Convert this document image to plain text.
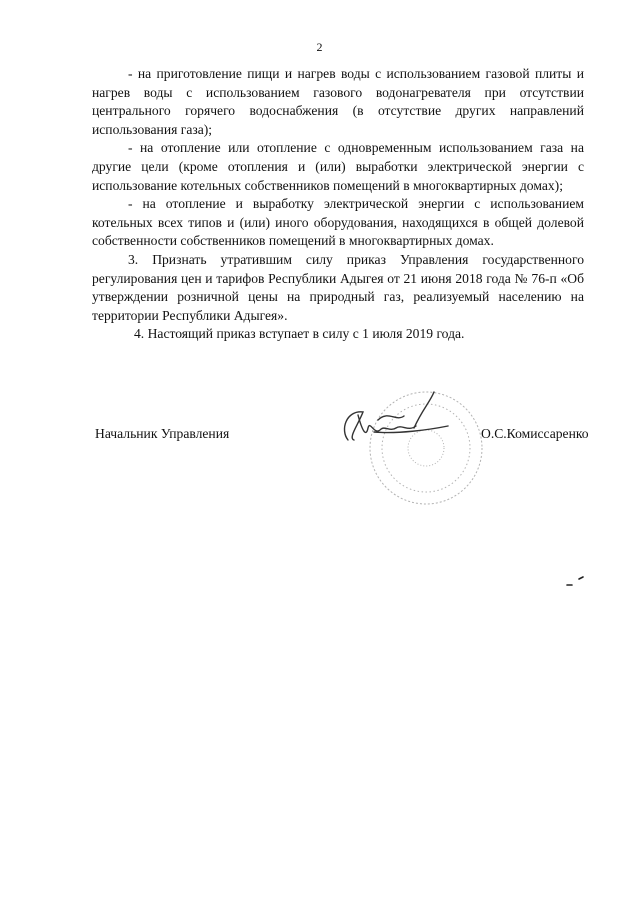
2

- на приготовление пищи и нагрев воды с использованием газовой плиты и нагрев воды с использованием газового водонагревателя при отсутствии центрального горячего водоснабжения (в отсутствие других направлений использования газа);

- на отопление или отопление с одновременным использованием газа на другие цели (кроме отопления и (или) выработки электрической энергии с использование котельных собственников помещений в многоквартирных домах);

- на отопление и выработку электрической энергии с использованием котельных всех типов и (или) иного оборудования, находящихся в общей долевой собственности собственников помещений в многоквартирных домах.

3. Признать утратившим силу приказ Управления государственного регулирования цен и тарифов Республики Адыгея от 21 июня 2018 года № 76-п «Об утверждении розничной цены на природный газ, реализуемый населению на территории Республики Адыгея».

4. Настоящий приказ вступает в силу с 1 июля 2019 года.

Начальник Управления	О.С.Комиссаренко
